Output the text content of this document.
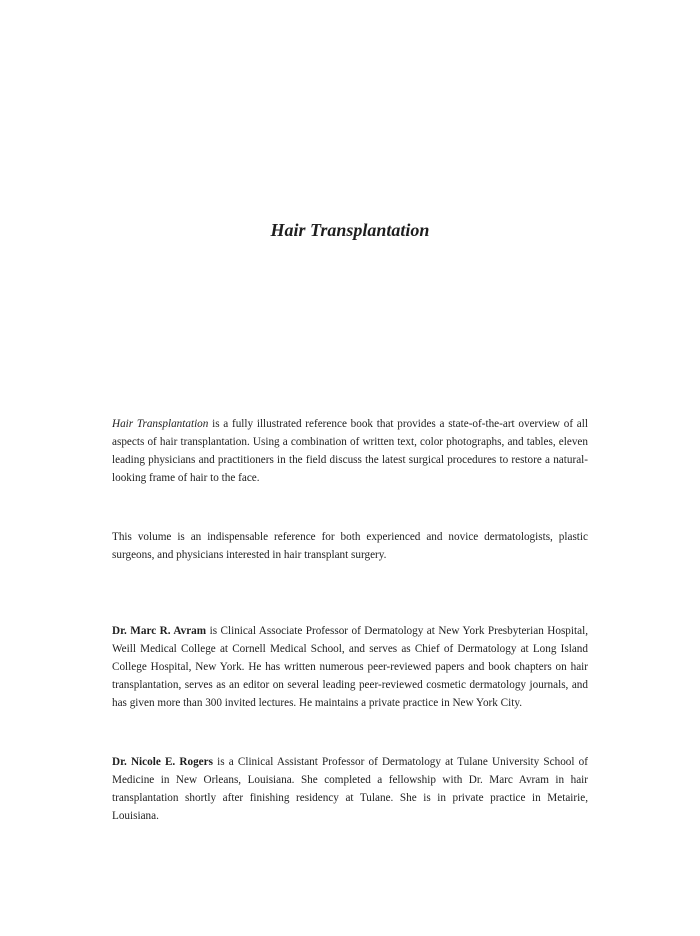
Hair Transplantation

Hair Transplantation is a fully illustrated reference book that provides a state-of-the-art overview of all aspects of hair transplantation. Using a combination of written text, color photographs, and tables, eleven leading physicians and practitioners in the field discuss the latest surgical procedures to restore a natural-looking frame of hair to the face.

This volume is an indispensable reference for both experienced and novice dermatologists, plastic surgeons, and physicians interested in hair transplant surgery.

Dr. Marc R. Avram is Clinical Associate Professor of Dermatology at New York Presbyterian Hospital, Weill Medical College at Cornell Medical School, and serves as Chief of Dermatology at Long Island College Hospital, New York. He has written numerous peer-reviewed papers and book chapters on hair transplantation, serves as an editor on several leading peer-reviewed cosmetic dermatology journals, and has given more than 300 invited lectures. He maintains a private practice in New York City.

Dr. Nicole E. Rogers is a Clinical Assistant Professor of Dermatology at Tulane University School of Medicine in New Orleans, Louisiana. She completed a fellowship with Dr. Marc Avram in hair transplantation shortly after finishing residency at Tulane. She is in private practice in Metairie, Louisiana.
